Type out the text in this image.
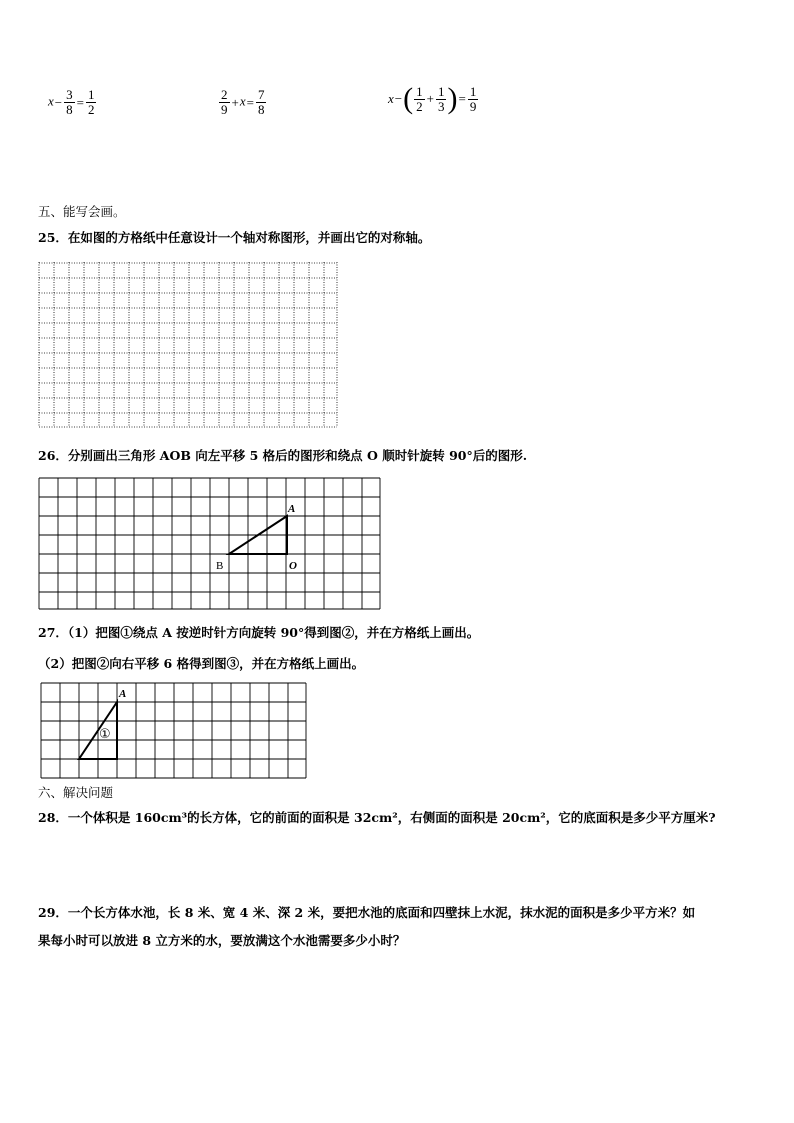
$x- \frac{3}{8} = \frac{1}{2}$	$\frac{2}{9} +x= \frac{7}{8}$	$x-( \frac{1}{2} + \frac{1}{3}$ )= $\frac{1}{9}$
五、能写会画。
25．在如图的方格纸中任意设计一个轴对称图形，并画出它的对称轴。
26．分别画出三角形 AOB 向左平移 5 格后的图形和绕点 O 顺时针旋转 90°后的图形.
A
B	O
27．（1）把图①绕点 A 按逆时针方向旋转 90°得到图②，并在方格纸上画出。
（2）把图②向右平移 6 格得到图③，并在方格纸上画出。
A
①
六、解决问题
28．一个体积是 160cm³的长方体，它的前面的面积是 32cm²，右侧面的面积是 20cm²，它的底面积是多少平方厘米?
29．一个长方体水池，长 8 米、宽 4 米、深 2 米，要把水池的底面和四壁抹上水泥，抹水泥的面积是多少平方米？如
果每小时可以放进 8 立方米的水，要放满这个水池需要多少小时？
